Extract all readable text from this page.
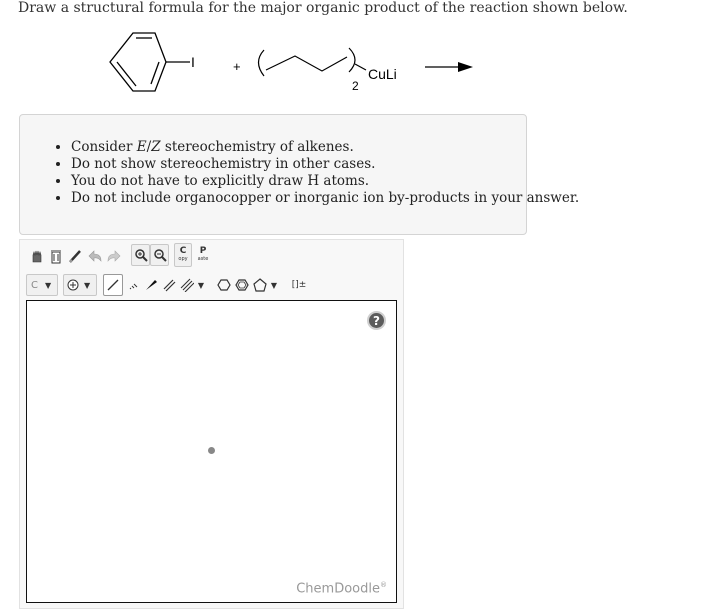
Draw a structural formula for the major organic product of the reaction shown below.
I	+	CuLi
2
• Consider E/Z stereochemistry of alkenes.
• Do not show stereochemistry in other cases.
• You do not have to explicitly draw H atoms.
• Do not include organocopper or inorganic ion by-products in your answer.
C
opy
P
aste
C ▼	▼	▼	▼ []±
?
ChemDoodle®
